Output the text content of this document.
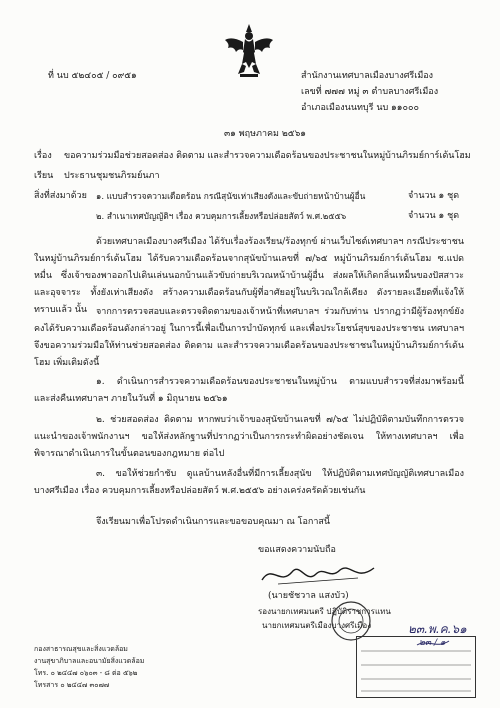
ที่ นบ ๕๒๔๐๕ / ๐๙๕๑	สำนักงานเทศบาลเมืองบางศรีเมือง
เลขที่ ๗๗๗ หมู่ ๓ ตำบลบางศรีเมือง
อำเภอเมืองนนทบุรี นบ ๑๑๐๐๐
๓๑ พฤษภาคม ๒๕๖๑
เรื่อง ขอความร่วมมือช่วยสอดส่อง ติดตาม และสำรวจความเดือดร้อนของประชาชนในหมู่บ้านภิรมย์การ์เด้นโฮม
เรียน ประธานชุมชนภิรมย์นภา
สิ่งที่ส่งมาด้วย ๑. แบบสำรวจความเดือดร้อน กรณีสุนัขเห่าเสียงดังและขับถ่ายหน้าบ้านผู้อื่น	จำนวน ๑ ชุด
๒. สำเนาเทศบัญญัติฯ เรื่อง ควบคุมการเลี้ยงหรือปล่อยสัตว์ พ.ศ.๒๕๕๖	จำนวน ๑ ชุด
ด้วยเทศบาลเมืองบางศรีเมือง ได้รับเรื่องร้องเรียน/ร้องทุกข์ ผ่านเว็บไซต์เทศบาลฯ กรณีประชาชนในหมู่บ้านภิรมย์การ์เด้นโฮม ได้รับความเดือดร้อนจากสุนัขบ้านเลขที่ ๗/๖๕ หมู่บ้านภิรมย์การ์เด้นโฮม ซ.แปดหมื่น ซึ่งเจ้าของพาออกไปเดินเล่นนอกบ้านแล้วขับถ่ายบริเวณหน้าบ้านผู้อื่น ส่งผลให้เกิดกลิ่นเหม็นของปัสสาวะและอุจจาระ ทั้งยังเห่าเสียงดัง สร้างความเดือดร้อนกับผู้ที่อาศัยอยู่ในบริเวณใกล้เคียง ดังรายละเอียดที่แจ้งให้ทราบแล้ว นั้น จากการตรวจสอบและตรวจติดตามของเจ้าหน้าที่เทศบาลฯ ร่วมกับท่าน ปรากฏว่ามีผู้ร้องทุกข์ยังคงได้รับความเดือดร้อนดังกล่าวอยู่ ในการนี้เพื่อเป็นการบำบัดทุกข์ และเพื่อประโยชน์สุขของประชาชน เทศบาลฯ จึงขอความร่วมมือให้ท่านช่วยสอดส่อง ติดตาม และสำรวจความเดือดร้อนของประชาชนในหมู่บ้านภิรมย์การ์เด้นโฮม เพิ่มเติมดังนี้
๑. ดำเนินการสำรวจความเดือดร้อนของประชาชนในหมู่บ้าน ตามแบบสำรวจที่ส่งมาพร้อมนี้ และส่งคืนเทศบาลฯ ภายในวันที่ ๑ มิถุนายน ๒๕๖๑
๒. ช่วยสอดส่อง ติดตาม หากพบว่าเจ้าของสุนัขบ้านเลขที่ ๗/๖๕ ไม่ปฏิบัติตามบันทึกการตรวจแนะนำของเจ้าพนักงานฯ ขอให้ส่งหลักฐานที่ปรากฏว่าเป็นการกระทำผิดอย่างชัดเจน ให้ทางเทศบาลฯ เพื่อพิจารณาดำเนินการในขั้นตอนของกฎหมาย ต่อไป
๓. ขอให้ช่วยกำชับ ดูแลบ้านหลังอื่นที่มีการเลี้ยงสุนัข ให้ปฏิบัติตามเทศบัญญัติเทศบาลเมืองบางศรีเมือง เรื่อง ควบคุมการเลี้ยงหรือปล่อยสัตว์ พ.ศ.๒๕๕๖ อย่างเคร่งครัดด้วยเช่นกัน
จึงเรียนมาเพื่อโปรดดำเนินการและขอขอบคุณมา ณ โอกาสนี้
ขอแสดงความนับถือ
(นายชัชวาล แสงบัว)
รองนายกเทศมนตรี ปฏิบัติราชการแทน
นายกเทศมนตรีเมืองบางศรีเมือง	๒๓.พ.ค.๖๑
๒๓ / ๑
กองสาธารณสุขและสิ่งแวดล้อม
งานสุขาภิบาลและอนามัยสิ่งแวดล้อม
โทร. ๐ ๒๔๔๗ ๐๖๐๓ - ๘ ต่อ ๕๖๒
โทรสาร ๐ ๒๔๔๗ ๓๐๗๗
